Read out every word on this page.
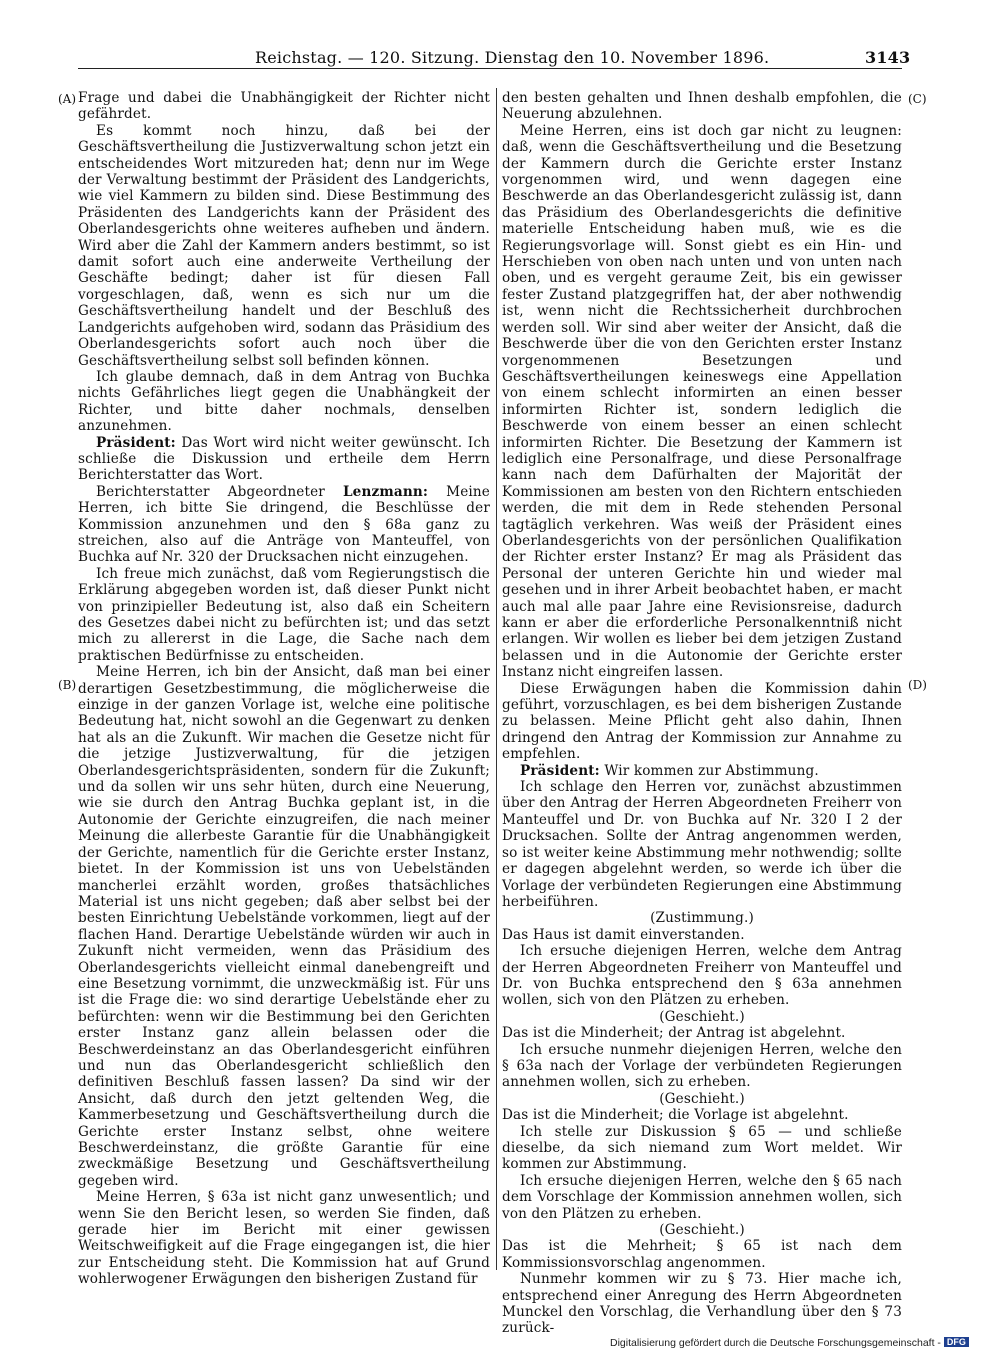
Reichstag. — 120. Sitzung. Dienstag den 10. November 1896.	3143
(A)
(B)
(C)
(D)

Frage und dabei die Unabhängigkeit der Richter nicht gefährdet.

Es kommt noch hinzu, daß bei der Geschäftsvertheilung die Justizverwaltung schon jetzt ein entscheidendes Wort mitzureden hat; denn nur im Wege der Verwaltung bestimmt der Präsident des Landgerichts, wie viel Kammern zu bilden sind. Diese Bestimmung des Präsidenten des Landgerichts kann der Präsident des Oberlandesgerichts ohne weiteres aufheben und ändern. Wird aber die Zahl der Kammern anders bestimmt, so ist damit sofort auch eine anderweite Vertheilung der Geschäfte bedingt; daher ist für diesen Fall vorgeschlagen, daß, wenn es sich nur um die Geschäftsvertheilung handelt und der Beschluß des Landgerichts aufgehoben wird, sodann das Präsidium des Oberlandesgerichts sofort auch noch über die Geschäftsvertheilung selbst soll befinden können.

Ich glaube demnach, daß in dem Antrag von Buchka nichts Gefährliches liegt gegen die Unabhängkeit der Richter, und bitte daher nochmals, denselben anzunehmen.

Präsident: Das Wort wird nicht weiter gewünscht. Ich schließe die Diskussion und ertheile dem Herrn Berichterstatter das Wort.

Berichterstatter Abgeordneter Lenzmann: Meine Herren, ich bitte Sie dringend, die Beschlüsse der Kommission anzunehmen und den § 68a ganz zu streichen, also auf die Anträge von Manteuffel, von Buchka auf Nr. 320 der Drucksachen nicht einzugehen.

Ich freue mich zunächst, daß vom Regierungstisch die Erklärung abgegeben worden ist, daß dieser Punkt nicht von prinzipieller Bedeutung ist, also daß ein Scheitern des Gesetzes dabei nicht zu befürchten ist; und das setzt mich zu allererst in die Lage, die Sache nach dem praktischen Bedürfnisse zu entscheiden.

Meine Herren, ich bin der Ansicht, daß man bei einer derartigen Gesetzbestimmung, die möglicherweise die einzige in der ganzen Vorlage ist, welche eine politische Bedeutung hat, nicht sowohl an die Gegenwart zu denken hat als an die Zukunft. Wir machen die Gesetze nicht für die jetzige Justizverwaltung, für die jetzigen Oberlandesgerichtspräsidenten, sondern für die Zukunft; und da sollen wir uns sehr hüten, durch eine Neuerung, wie sie durch den Antrag Buchka geplant ist, in die Autonomie der Gerichte einzugreifen, die nach meiner Meinung die allerbeste Garantie für die Unabhängigkeit der Gerichte, namentlich für die Gerichte erster Instanz, bietet. In der Kommission ist uns von Uebelständen mancherlei erzählt worden, großes thatsächliches Material ist uns nicht gegeben; daß aber selbst bei der besten Einrichtung Uebelstände vorkommen, liegt auf der flachen Hand. Derartige Uebelstände würden wir auch in Zukunft nicht vermeiden, wenn das Präsidium des Oberlandesgerichts vielleicht einmal danebengreift und eine Besetzung vornimmt, die unzweckmäßig ist. Für uns ist die Frage die: wo sind derartige Uebelstände eher zu befürchten: wenn wir die Bestimmung bei den Gerichten erster Instanz ganz allein belassen oder die Beschwerdeinstanz an das Oberlandesgericht einführen und nun das Oberlandesgericht schließlich den definitiven Beschluß fassen lassen? Da sind wir der Ansicht, daß durch den jetzt geltenden Weg, die Kammerbesetzung und Geschäftsvertheilung durch die Gerichte erster Instanz selbst, ohne weitere Beschwerdeinstanz, die größte Garantie für eine zweckmäßige Besetzung und Geschäftsvertheilung gegeben wird.

Meine Herren, § 63a ist nicht ganz unwesentlich; und wenn Sie den Bericht lesen, so werden Sie finden, daß gerade hier im Bericht mit einer gewissen Weitschweifigkeit auf die Frage eingegangen ist, die hier zur Entscheidung steht. Die Kommission hat auf Grund wohlerwogener Erwägungen den bisherigen Zustand für

den besten gehalten und Ihnen deshalb empfohlen, die Neuerung abzulehnen.

Meine Herren, eins ist doch gar nicht zu leugnen: daß, wenn die Geschäftsvertheilung und die Besetzung der Kammern durch die Gerichte erster Instanz vorgenommen wird, und wenn dagegen eine Beschwerde an das Oberlandesgericht zulässig ist, dann das Präsidium des Oberlandesgerichts die definitive materielle Entscheidung haben muß, wie es die Regierungsvorlage will. Sonst giebt es ein Hin- und Herschieben von oben nach unten und von unten nach oben, und es vergeht geraume Zeit, bis ein gewisser fester Zustand platzgegriffen hat, der aber nothwendig ist, wenn nicht die Rechtssicherheit durchbrochen werden soll. Wir sind aber weiter der Ansicht, daß die Beschwerde über die von den Gerichten erster Instanz vorgenommenen Besetzungen und Geschäftsvertheilungen keineswegs eine Appellation von einem schlecht informirten an einen besser informirten Richter ist, sondern lediglich die Beschwerde von einem besser an einen schlecht informirten Richter. Die Besetzung der Kammern ist lediglich eine Personalfrage, und diese Personalfrage kann nach dem Dafürhalten der Majorität der Kommissionen am besten von den Richtern entschieden werden, die mit dem in Rede stehenden Personal tagtäglich verkehren. Was weiß der Präsident eines Oberlandesgerichts von der persönlichen Qualifikation der Richter erster Instanz? Er mag als Präsident das Personal der unteren Gerichte hin und wieder mal gesehen und in ihrer Arbeit beobachtet haben, er macht auch mal alle paar Jahre eine Revisionsreise, dadurch kann er aber die erforderliche Personalkenntniß nicht erlangen. Wir wollen es lieber bei dem jetzigen Zustand belassen und in die Autonomie der Gerichte erster Instanz nicht eingreifen lassen.

Diese Erwägungen haben die Kommission dahin geführt, vorzuschlagen, es bei dem bisherigen Zustande zu belassen. Meine Pflicht geht also dahin, Ihnen dringend den Antrag der Kommission zur Annahme zu empfehlen.

Präsident: Wir kommen zur Abstimmung.

Ich schlage den Herren vor, zunächst abzustimmen über den Antrag der Herren Abgeordneten Freiherr von Manteuffel und Dr. von Buchka auf Nr. 320 I 2 der Drucksachen. Sollte der Antrag angenommen werden, so ist weiter keine Abstimmung mehr nothwendig; sollte er dagegen abgelehnt werden, so werde ich über die Vorlage der verbündeten Regierungen eine Abstimmung herbeiführen.

(Zustimmung.)

Das Haus ist damit einverstanden.

Ich ersuche diejenigen Herren, welche dem Antrag der Herren Abgeordneten Freiherr von Manteuffel und Dr. von Buchka entsprechend den § 63a annehmen wollen, sich von den Plätzen zu erheben.

(Geschieht.)

Das ist die Minderheit; der Antrag ist abgelehnt.

Ich ersuche nunmehr diejenigen Herren, welche den § 63a nach der Vorlage der verbündeten Regierungen annehmen wollen, sich zu erheben.

(Geschieht.)

Das ist die Minderheit; die Vorlage ist abgelehnt.

Ich stelle zur Diskussion § 65 — und schließe dieselbe, da sich niemand zum Wort meldet. Wir kommen zur Abstimmung.

Ich ersuche diejenigen Herren, welche den § 65 nach dem Vorschlage der Kommission annehmen wollen, sich von den Plätzen zu erheben.

(Geschieht.)

Das ist die Mehrheit; § 65 ist nach dem Kommissionsvorschlag angenommen.

Nunmehr kommen wir zu § 73. Hier mache ich, entsprechend einer Anregung des Herrn Abgeordneten Munckel den Vorschlag, die Verhandlung über den § 73 zurück-

Digitalisierung gefördert durch die Deutsche Forschungsgemeinschaft - DFG
